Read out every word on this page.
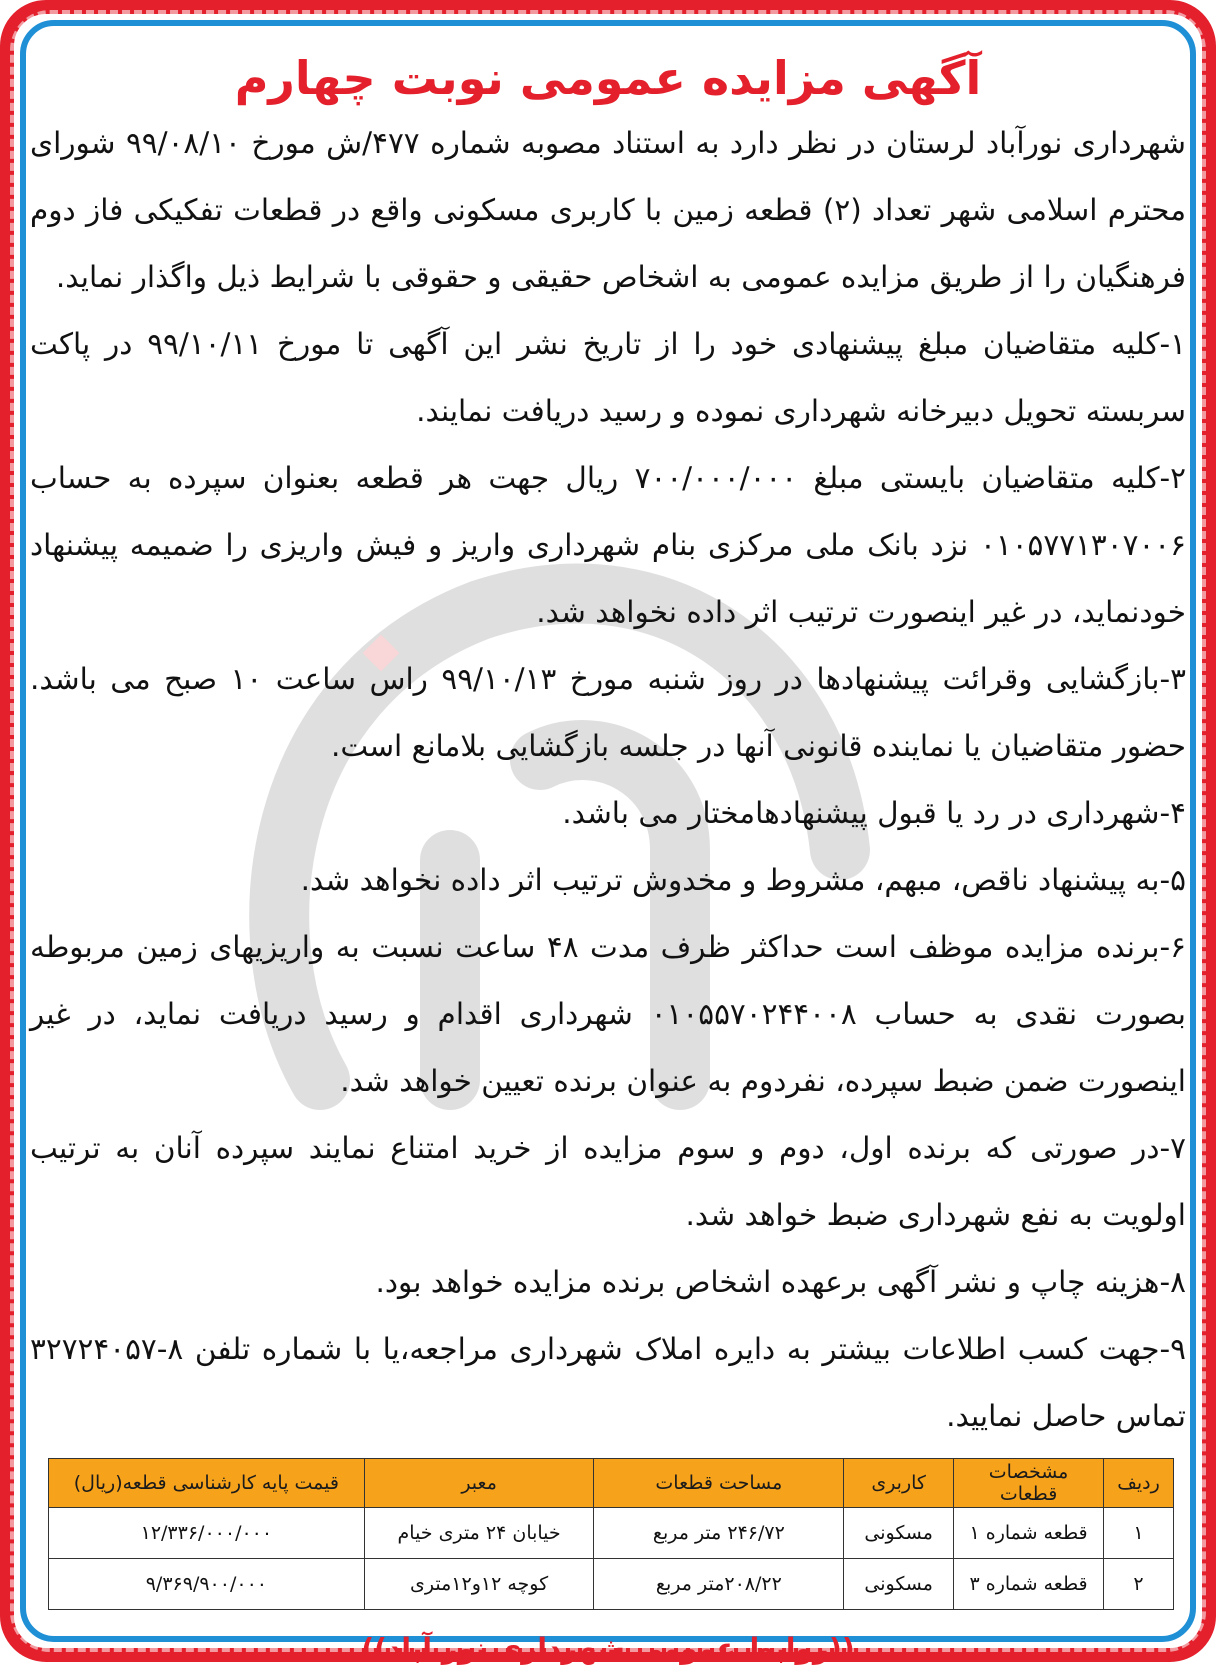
آگهی مزایده عمومی نوبت چهارم

شهرداری نورآباد لرستان در نظر دارد به استناد مصوبه شماره ۴۷۷/ش مورخ ۹۹/۰۸/۱۰ شورای محترم اسلامی شهر تعداد (۲) قطعه زمین با کاربری مسکونی واقع در قطعات تفکیکی فاز دوم فرهنگیان را از طریق مزایده عمومی به اشخاص حقیقی و حقوقی با شرایط ذیل واگذار نماید.

۱-کلیه متقاضیان مبلغ پیشنهادی خود را از تاریخ نشر این آگهی تا مورخ ۹۹/۱۰/۱۱ در پاکت سربسته تحویل دبیرخانه شهرداری نموده و رسید دریافت نمایند.

۲-کلیه متقاضیان بایستی مبلغ ۷۰۰/۰۰۰/۰۰۰ ریال جهت هر قطعه بعنوان سپرده به حساب ۰۱۰۵۷۷۱۳۰۷۰۰۶ نزد بانک ملی مرکزی بنام شهرداری واریز و فیش واریزی را ضمیمه پیشنهاد خودنماید، در غیر اینصورت ترتیب اثر داده نخواهد شد.

۳-بازگشایی وقرائت پیشنهادها در روز شنبه مورخ ۹۹/۱۰/۱۳ راس ساعت ۱۰ صبح می باشد. حضور متقاضیان یا نماینده قانونی آنها در جلسه بازگشایی بلامانع است.

۴-شهرداری در رد یا قبول پیشنهادهامختار می باشد.

۵-به پیشنهاد ناقص، مبهم، مشروط و مخدوش ترتیب اثر داده نخواهد شد.

۶-برنده مزایده موظف است حداکثر ظرف مدت ۴۸ ساعت نسبت به واریزیهای زمین مربوطه بصورت نقدی به حساب ۰۱۰۵۵۷۰۲۴۴۰۰۸ شهرداری اقدام و رسید دریافت نماید، در غیر اینصورت ضمن ضبط سپرده، نفردوم به عنوان برنده تعیین خواهد شد.

۷-در صورتی که برنده اول، دوم و سوم مزایده از خرید امتناع نمایند سپرده آنان به ترتیب اولویت به نفع شهرداری ضبط خواهد شد.

۸-هزینه چاپ و نشر آگهی برعهده اشخاص برنده مزایده خواهد بود.

۹-جهت کسب اطلاعات بیشتر به دایره املاک شهرداری مراجعه،یا با شماره تلفن ۸-۳۲۷۲۴۰۵۷ تماس حاصل نمایید.

ردیف	مشخصات قطعات	کاربری	مساحت قطعات	معبر	قیمت پایه کارشناسی قطعه(ریال)
۱	قطعه شماره ۱	مسکونی	۲۴۶/۷۲ متر مربع	خیابان ۲۴ متری خیام	۱۲/۳۳۶/۰۰۰/۰۰۰
۲	قطعه شماره ۳	مسکونی	۲۰۸/۲۲متر مربع	کوچه ۱۲و۱۲متری	۹/۳۶۹/۹۰۰/۰۰۰
((روابط عمومی شهرداری نور آباد))
